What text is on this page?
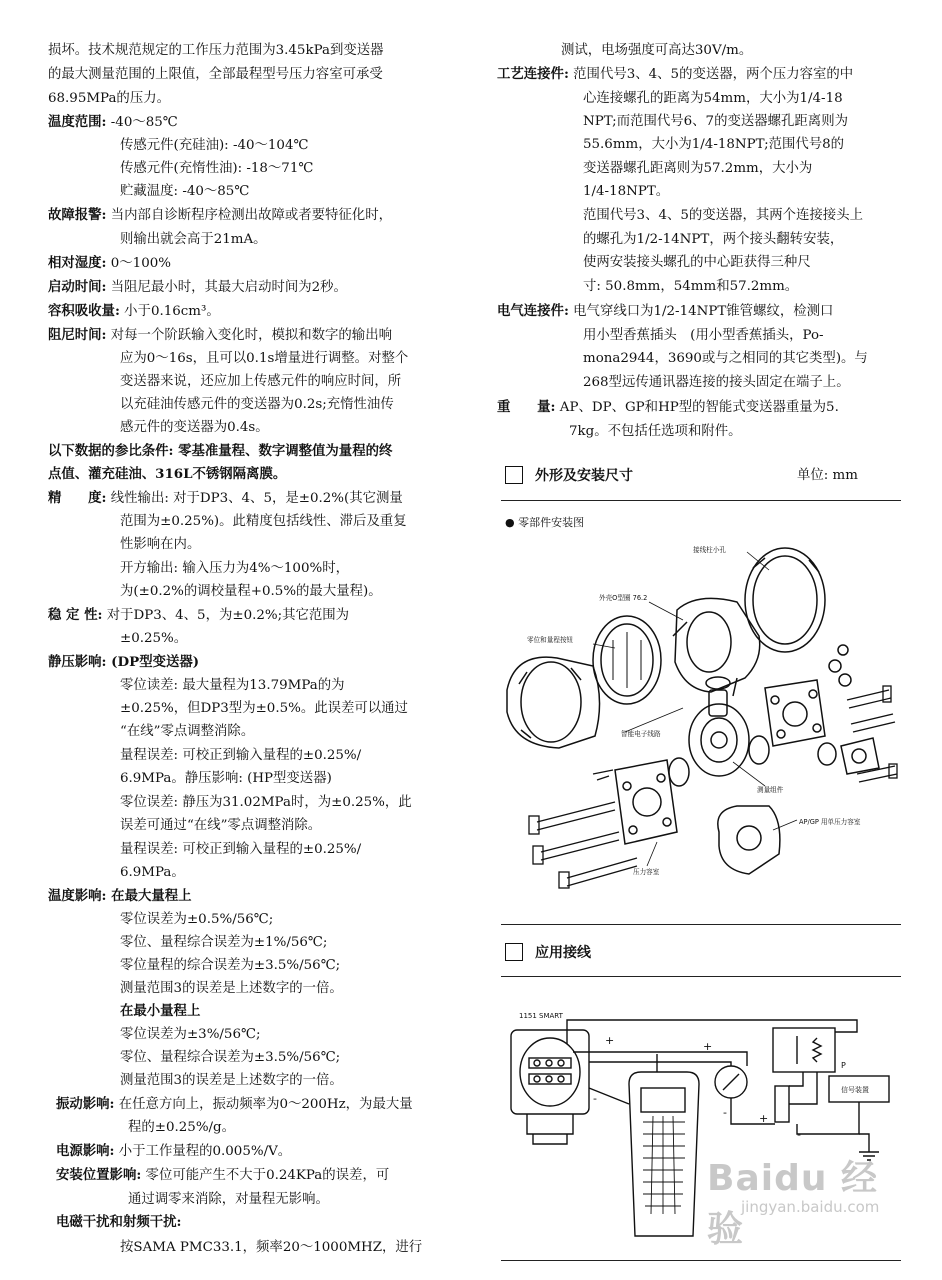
损坏。技术规范规定的工作压力范围为3.45kPa到变送器
的最大测量范围的上限值，全部最程型号压力容室可承受
68.95MPa的压力。
温度范围: -40～85℃
传感元件(充硅油): -40～104℃
传感元件(充惰性油): -18～71℃
贮藏温度: -40～85℃
故障报警: 当内部自诊断程序检测出故障或者要特征化时，
则输出就会高于21mA。
相对湿度: 0～100%
启动时间: 当阻尼最小时，其最大启动时间为2秒。
容积吸收量: 小于0.16cm³。
阻尼时间: 对每一个阶跃输入变化时，模拟和数字的输出响
应为0～16s，且可以0.1s增量进行调整。对整个
变送器来说，还应加上传感元件的响应时间，所
以充硅油传感元件的变送器为0.2s;充惰性油传
感元件的变送器为0.4s。
以下数据的参比条件: 零基准量程、数字调整值为量程的终
点值、灌充硅油、316L不锈钢隔离膜。
精　　度: 线性输出: 对于DP3、4、5，是±0.2%(其它测量
范围为±0.25%)。此精度包括线性、滞后及重复
性影响在内。
开方输出: 输入压力为4%～100%时，
为(±0.2%的调校量程+0.5%的最大量程)。
稳 定 性: 对于DP3、4、5，为±0.2%;其它范围为
±0.25%。
静压影响: (DP型变送器)
零位读差: 最大量程为13.79MPa的为
±0.25%，但DP3型为±0.5%。此误差可以通过
“在线”零点调整消除。
量程误差: 可校正到输入量程的±0.25%/
6.9MPa。静压影响: (HP型变送器)
零位误差: 静压为31.02MPa时，为±0.25%，此
误差可通过“在线”零点调整消除。
量程误差: 可校正到输入量程的±0.25%/
6.9MPa。
温度影响: 在最大量程上
零位误差为±0.5%/56℃;
零位、量程综合误差为±1%/56℃;
零位量程的综合误差为±3.5%/56℃;
测量范围3的误差是上述数字的一倍。
在最小量程上
零位误差为±3%/56℃;
零位、量程综合误差为±3.5%/56℃;
测量范围3的误差是上述数字的一倍。
振动影响: 在任意方向上，振动频率为0～200Hz，为最大量
程的±0.25%/g。
电源影响: 小于工作量程的0.005%/V。
安装位置影响: 零位可能产生不大于0.24KPa的误差，可
通过调零来消除，对量程无影响。
电磁干扰和射频干扰:
按SAMA PMC33.1，频率20～1000MHZ，进行
测试，电场强度可高达30V/m。
工艺连接件: 范围代号3、4、5的变送器，两个压力容室的中
心连接螺孔的距离为54mm，大小为1/4-18
NPT;而范围代号6、7的变送器螺孔距离则为
55.6mm，大小为1/4-18NPT;范围代号8的
变送器螺孔距离则为57.2mm，大小为
1/4-18NPT。
范围代号3、4、5的变送器，其两个连接接头上
的螺孔为1/2-14NPT，两个接头翻转安装，
使两安装接头螺孔的中心距获得三种尺
寸: 50.8mm，54mm和57.2mm。
电气连接件: 电气穿线口为1/2-14NPT锥管螺纹，检测口
用小型香蕉插头　(用小型香蕉插头，Po-
mona2944，3690或与之相同的其它类型)。与
268型远传通讯器连接的接头固定在端子上。
重　　量: AP、DP、GP和HP型的智能式变送器重量为5.
7kg。不包括任选项和附件。
外形及安装尺寸	单位: mm
● 零部件安装图
接线柱小孔
外壳O型圈 76.2
零位和量程按钮
智能电子线路
测量组件
AP/GP 用单压力容室
压力容室
应用接线
1151 SMART
信号装置
P
+	+
+
-
-
-
Baidu 经验
jingyan.baidu.com
